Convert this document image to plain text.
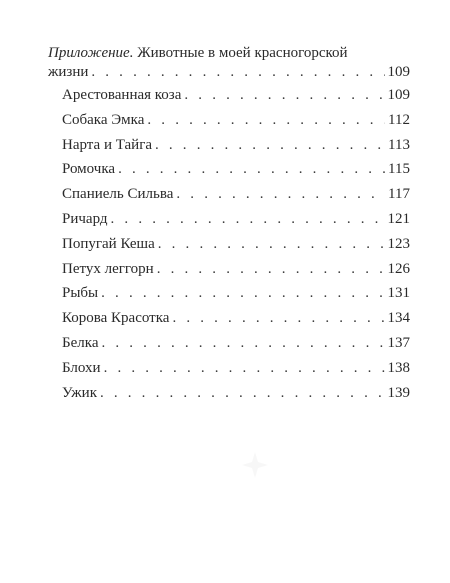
Приложение. Животные в моей красногорской
жизни . . .	109
Арестованная коза . . .	109
Собака Эмка . . .	112
Нарта и Тайга . . .	113
Ромочка . . .	115
Спаниель Сильва . . .	117
Ричард . . .	121
Попугай Кеша . . .	123
Петух леггорн . . .	126
Рыбы . . .	131
Корова Красотка . . .	134
Белка . . .	137
Блохи . . .	138
Ужик . . .	139
